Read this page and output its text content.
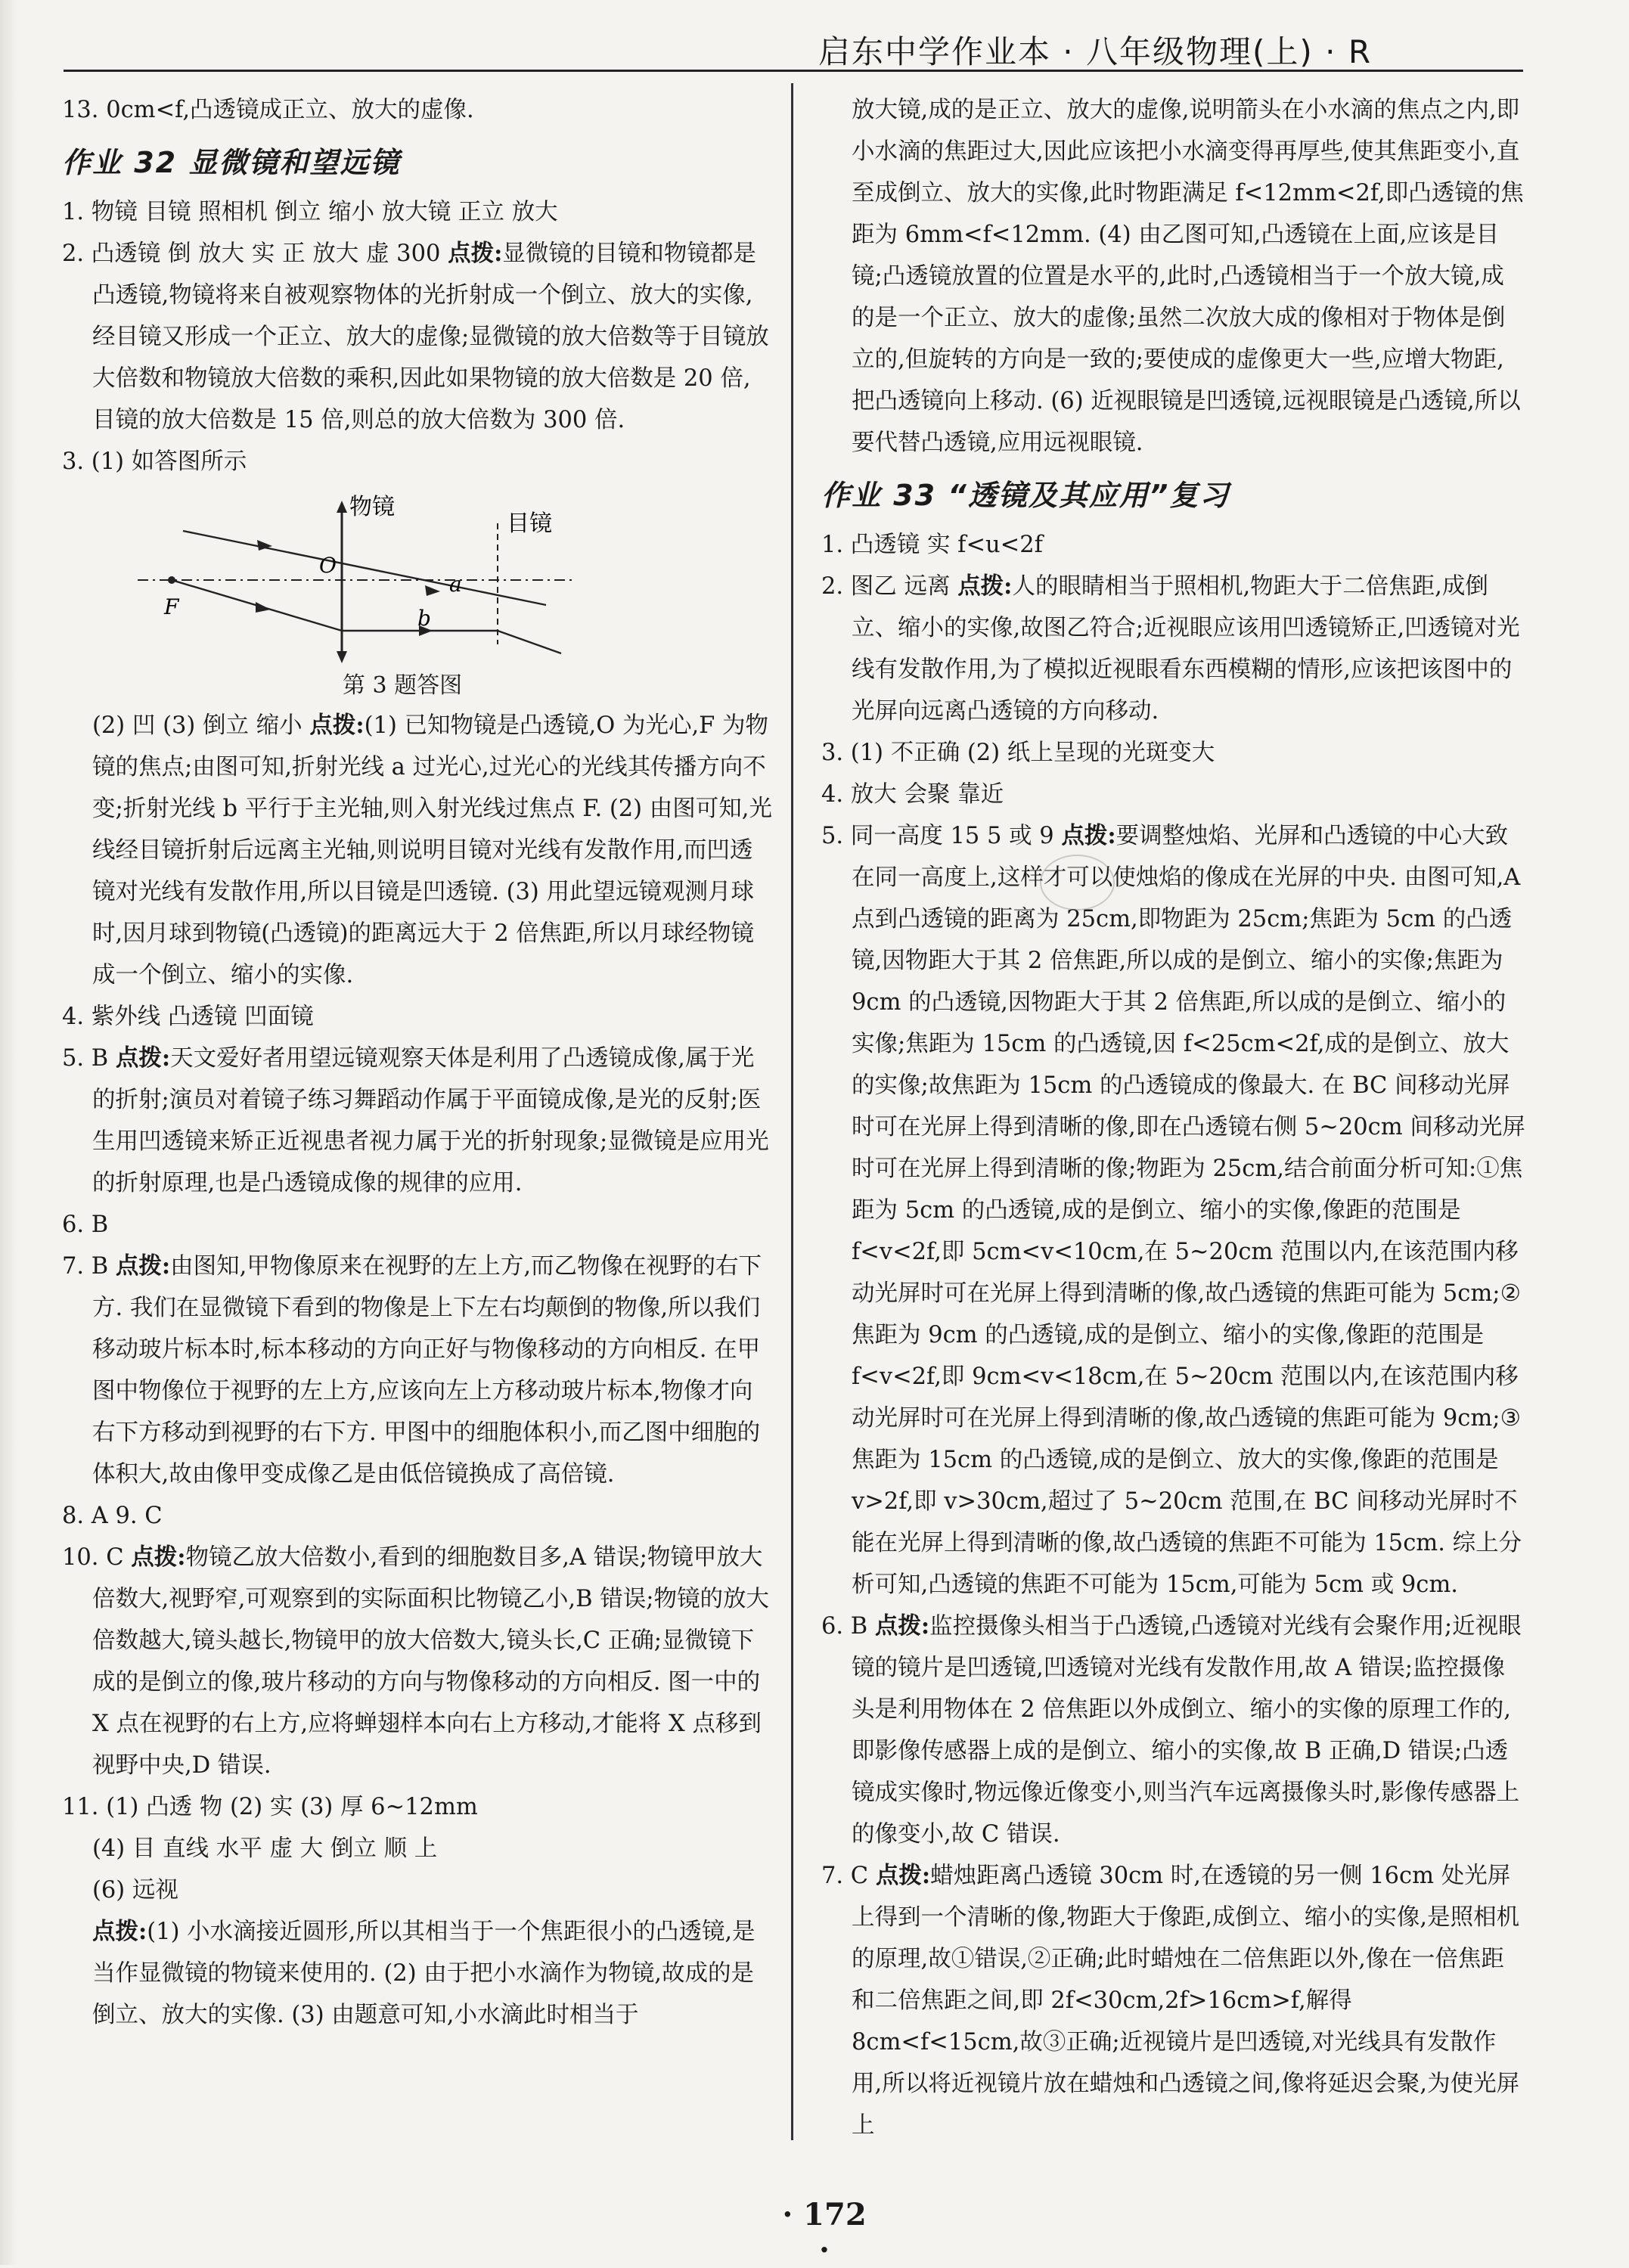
启东中学作业本 · 八年级物理(上) · R

13. 0cm<f,凸透镜成正立、放大的虚像.

作业 32 显微镜和望远镜

1. 物镜 目镜 照相机 倒立 缩小 放大镜 正立 放大

2. 凸透镜 倒 放大 实 正 放大 虚 300 点拨:显微镜的目镜和物镜都是凸透镜,物镜将来自被观察物体的光折射成一个倒立、放大的实像,经目镜又形成一个正立、放大的虚像;显微镜的放大倍数等于目镜放大倍数和物镜放大倍数的乘积,因此如果物镜的放大倍数是 20 倍,目镜的放大倍数是 15 倍,则总的放大倍数为 300 倍.

3. (1) 如答图所示

物镜
目镜
O
F
a
b
第 3 题答图

(2) 凹 (3) 倒立 缩小 点拨:(1) 已知物镜是凸透镜,O 为光心,F 为物镜的焦点;由图可知,折射光线 a 过光心,过光心的光线其传播方向不变;折射光线 b 平行于主光轴,则入射光线过焦点 F. (2) 由图可知,光线经目镜折射后远离主光轴,则说明目镜对光线有发散作用,而凹透镜对光线有发散作用,所以目镜是凹透镜. (3) 用此望远镜观测月球时,因月球到物镜(凸透镜)的距离远大于 2 倍焦距,所以月球经物镜成一个倒立、缩小的实像.

4. 紫外线 凸透镜 凹面镜

5. B 点拨:天文爱好者用望远镜观察天体是利用了凸透镜成像,属于光的折射;演员对着镜子练习舞蹈动作属于平面镜成像,是光的反射;医生用凹透镜来矫正近视患者视力属于光的折射现象;显微镜是应用光的折射原理,也是凸透镜成像的规律的应用.

6. B

7. B 点拨:由图知,甲物像原来在视野的左上方,而乙物像在视野的右下方. 我们在显微镜下看到的物像是上下左右均颠倒的物像,所以我们移动玻片标本时,标本移动的方向正好与物像移动的方向相反. 在甲图中物像位于视野的左上方,应该向左上方移动玻片标本,物像才向右下方移动到视野的右下方. 甲图中的细胞体积小,而乙图中细胞的体积大,故由像甲变成像乙是由低倍镜换成了高倍镜.

8. A 9. C

10. C 点拨:物镜乙放大倍数小,看到的细胞数目多,A 错误;物镜甲放大倍数大,视野窄,可观察到的实际面积比物镜乙小,B 错误;物镜的放大倍数越大,镜头越长,物镜甲的放大倍数大,镜头长,C 正确;显微镜下成的是倒立的像,玻片移动的方向与物像移动的方向相反. 图一中的 X 点在视野的右上方,应将蝉翅样本向右上方移动,才能将 X 点移到视野中央,D 错误.

11. (1) 凸透 物 (2) 实 (3) 厚 6~12mm

(4) 目 直线 水平 虚 大 倒立 顺 上

(6) 远视

点拨:(1) 小水滴接近圆形,所以其相当于一个焦距很小的凸透镜,是当作显微镜的物镜来使用的. (2) 由于把小水滴作为物镜,故成的是倒立、放大的实像. (3) 由题意可知,小水滴此时相当于

放大镜,成的是正立、放大的虚像,说明箭头在小水滴的焦点之内,即小水滴的焦距过大,因此应该把小水滴变得再厚些,使其焦距变小,直至成倒立、放大的实像,此时物距满足 f<12mm<2f,即凸透镜的焦距为 6mm<f<12mm. (4) 由乙图可知,凸透镜在上面,应该是目镜;凸透镜放置的位置是水平的,此时,凸透镜相当于一个放大镜,成的是一个正立、放大的虚像;虽然二次放大成的像相对于物体是倒立的,但旋转的方向是一致的;要使成的虚像更大一些,应增大物距,把凸透镜向上移动. (6) 近视眼镜是凹透镜,远视眼镜是凸透镜,所以要代替凸透镜,应用远视眼镜.

作业 33 “透镜及其应用”复习

1. 凸透镜 实 f<u<2f

2. 图乙 远离 点拨:人的眼睛相当于照相机,物距大于二倍焦距,成倒立、缩小的实像,故图乙符合;近视眼应该用凹透镜矫正,凹透镜对光线有发散作用,为了模拟近视眼看东西模糊的情形,应该把该图中的光屏向远离凸透镜的方向移动.

3. (1) 不正确 (2) 纸上呈现的光斑变大

4. 放大 会聚 靠近

5. 同一高度 15 5 或 9 点拨:要调整烛焰、光屏和凸透镜的中心大致在同一高度上,这样才可以使烛焰的像成在光屏的中央. 由图可知,A 点到凸透镜的距离为 25cm,即物距为 25cm;焦距为 5cm 的凸透镜,因物距大于其 2 倍焦距,所以成的是倒立、缩小的实像;焦距为 9cm 的凸透镜,因物距大于其 2 倍焦距,所以成的是倒立、缩小的实像;焦距为 15cm 的凸透镜,因 f<25cm<2f,成的是倒立、放大的实像;故焦距为 15cm 的凸透镜成的像最大. 在 BC 间移动光屏时可在光屏上得到清晰的像,即在凸透镜右侧 5~20cm 间移动光屏时可在光屏上得到清晰的像;物距为 25cm,结合前面分析可知:①焦距为 5cm 的凸透镜,成的是倒立、缩小的实像,像距的范围是 f<v<2f,即 5cm<v<10cm,在 5~20cm 范围以内,在该范围内移动光屏时可在光屏上得到清晰的像,故凸透镜的焦距可能为 5cm;②焦距为 9cm 的凸透镜,成的是倒立、缩小的实像,像距的范围是 f<v<2f,即 9cm<v<18cm,在 5~20cm 范围以内,在该范围内移动光屏时可在光屏上得到清晰的像,故凸透镜的焦距可能为 9cm;③焦距为 15cm 的凸透镜,成的是倒立、放大的实像,像距的范围是 v>2f,即 v>30cm,超过了 5~20cm 范围,在 BC 间移动光屏时不能在光屏上得到清晰的像,故凸透镜的焦距不可能为 15cm. 综上分析可知,凸透镜的焦距不可能为 15cm,可能为 5cm 或 9cm.

6. B 点拨:监控摄像头相当于凸透镜,凸透镜对光线有会聚作用;近视眼镜的镜片是凹透镜,凹透镜对光线有发散作用,故 A 错误;监控摄像头是利用物体在 2 倍焦距以外成倒立、缩小的实像的原理工作的,即影像传感器上成的是倒立、缩小的实像,故 B 正确,D 错误;凸透镜成实像时,物远像近像变小,则当汽车远离摄像头时,影像传感器上的像变小,故 C 错误.

7. C 点拨:蜡烛距离凸透镜 30cm 时,在透镜的另一侧 16cm 处光屏上得到一个清晰的像,物距大于像距,成倒立、缩小的实像,是照相机的原理,故①错误,②正确;此时蜡烛在二倍焦距以外,像在一倍焦距和二倍焦距之间,即 2f<30cm,2f>16cm>f,解得 8cm<f<15cm,故③正确;近视镜片是凹透镜,对光线具有发散作用,所以将近视镜片放在蜡烛和凸透镜之间,像将延迟会聚,为使光屏上

· 172 ·
